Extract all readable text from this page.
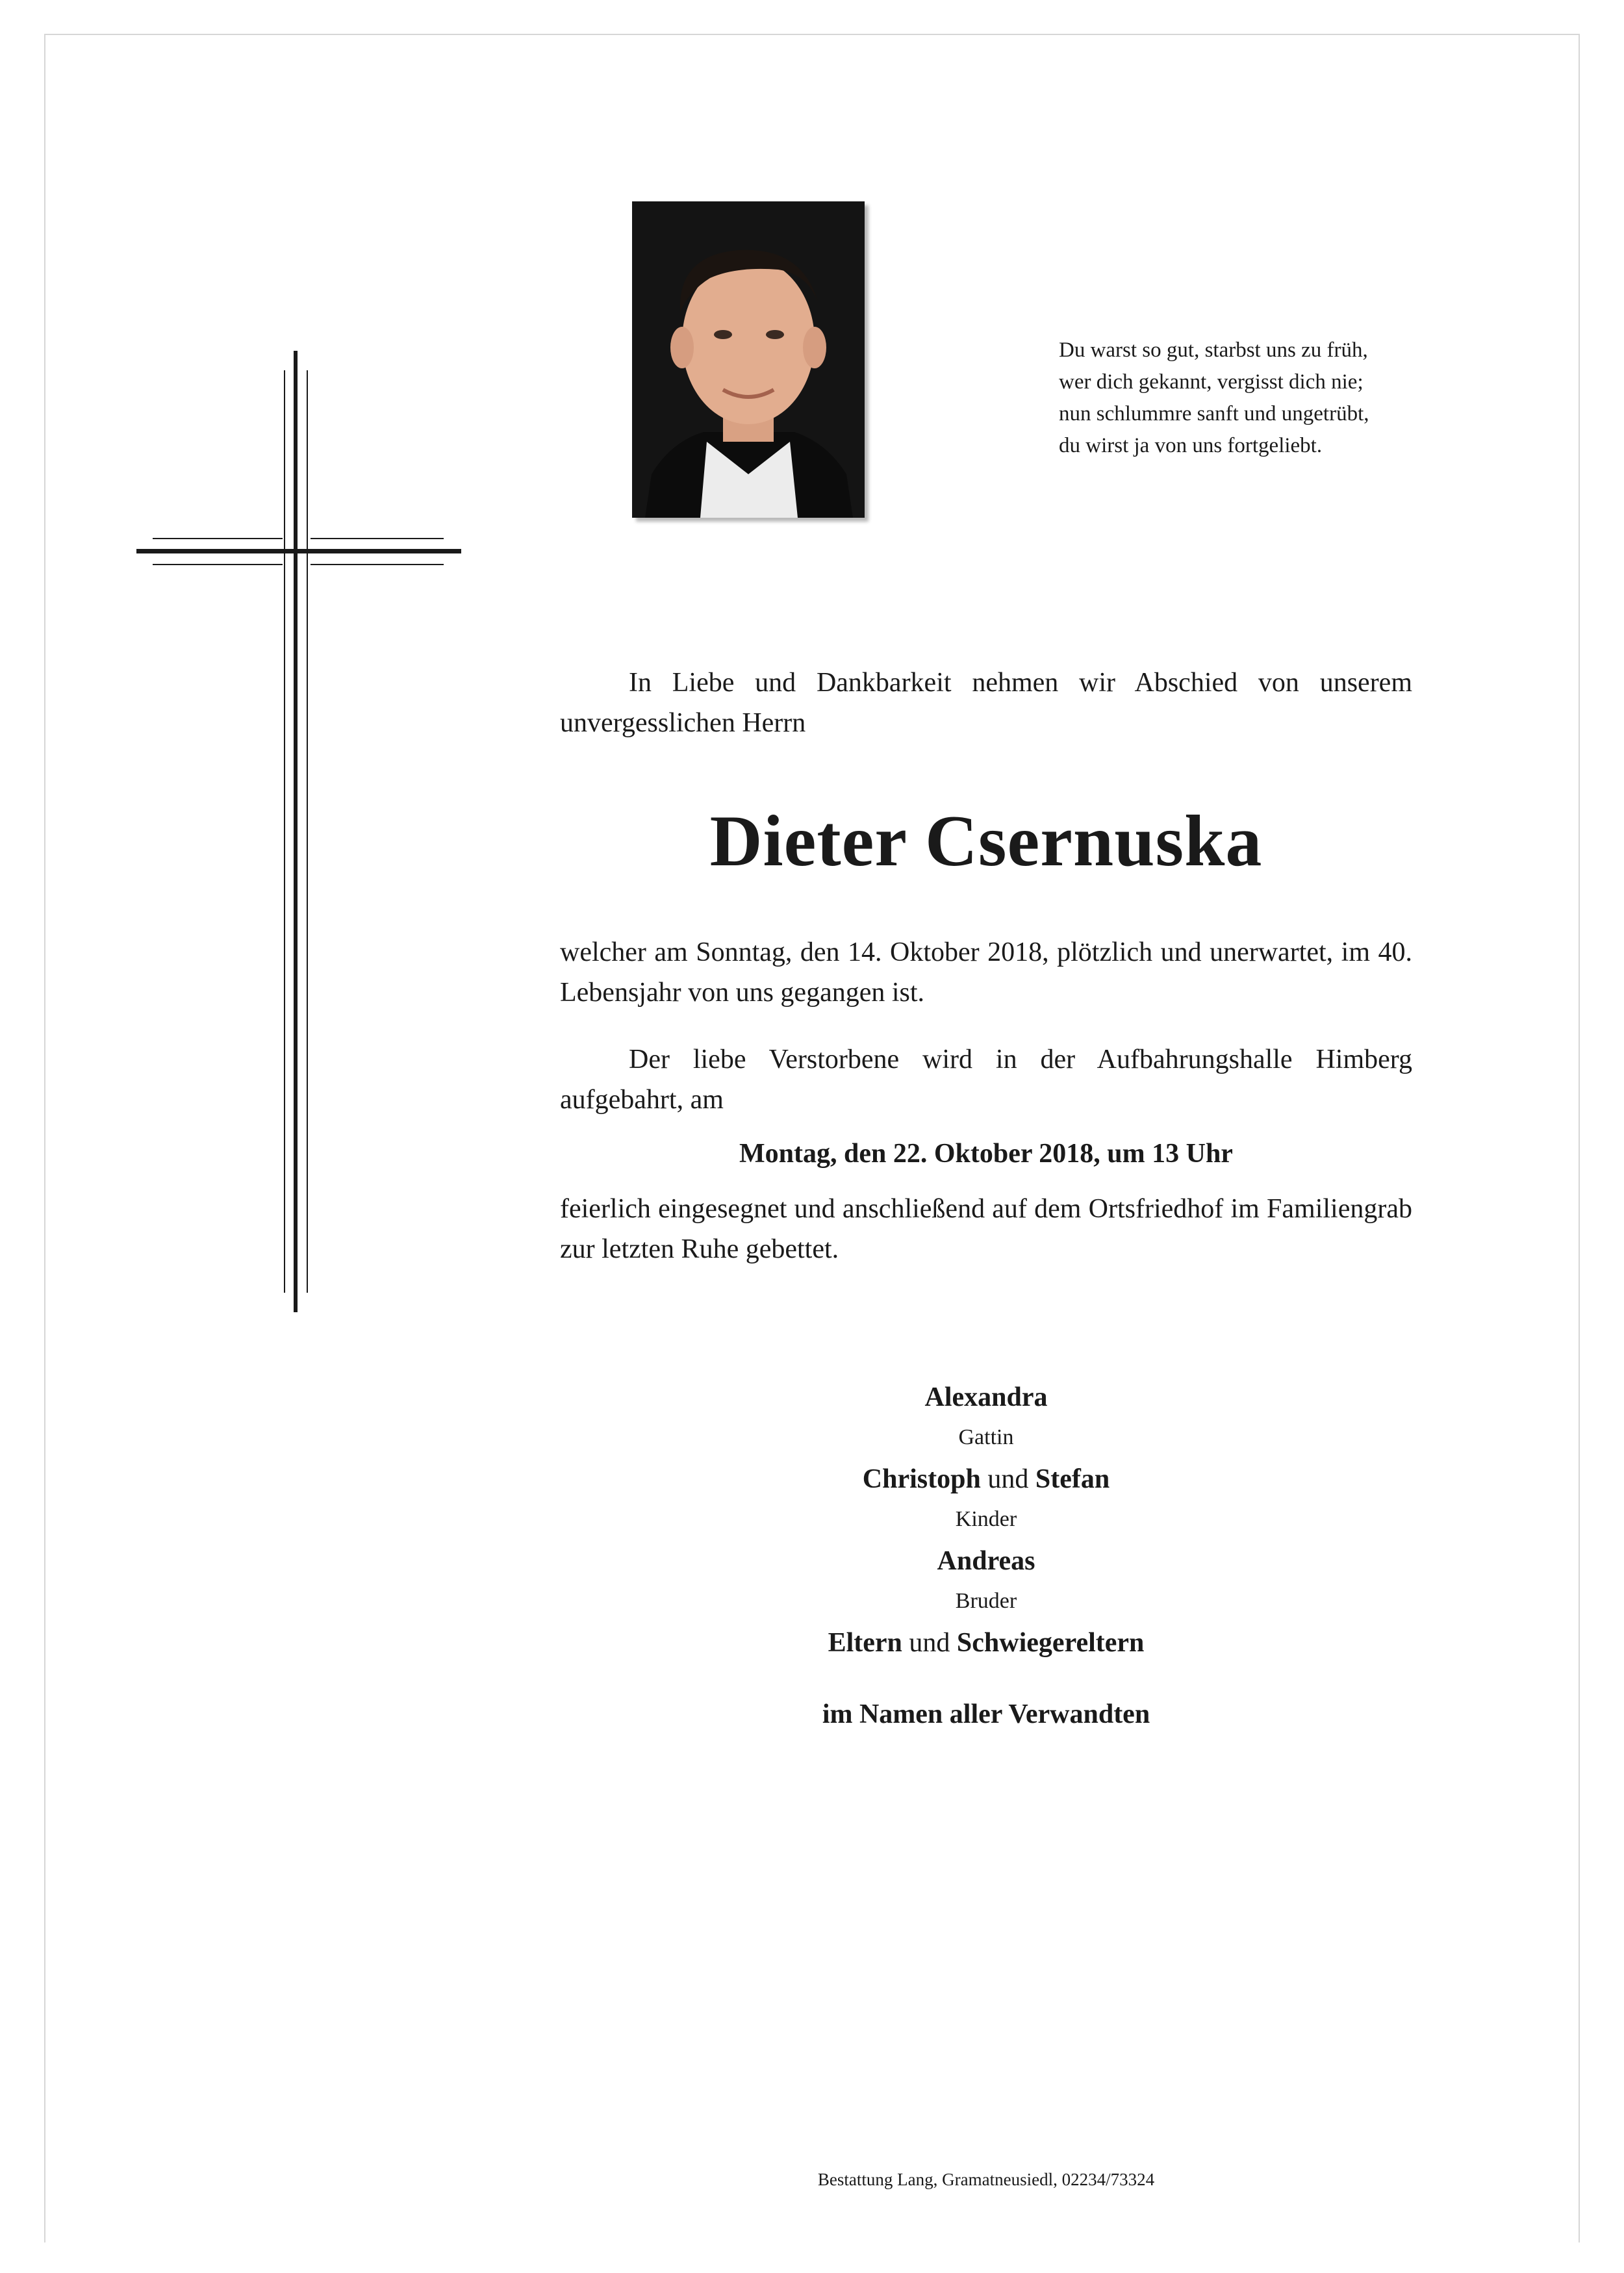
Du warst so gut, starbst uns zu früh,
wer dich gekannt, vergisst dich nie;
nun schlummre sanft und ungetrübt,
du wirst ja von uns fortgeliebt.
In Liebe und Dankbarkeit nehmen wir Abschied von unserem unvergesslichen Herrn
Dieter Csernuska
welcher am Sonntag, den 14. Oktober 2018, plötzlich und unerwartet, im 40. Lebensjahr von uns gegangen ist.
Der liebe Verstorbene wird in der Aufbahrungshalle Himberg aufgebahrt, am
Montag, den 22. Oktober 2018, um 13 Uhr
feierlich eingesegnet und anschließend auf dem Ortsfriedhof im Familiengrab zur letzten Ruhe gebettet.
Alexandra
Gattin
Christoph und Stefan
Kinder
Andreas
Bruder
Eltern und Schwiegereltern
im Namen aller Verwandten
Bestattung Lang, Gramatneusiedl, 02234/73324
